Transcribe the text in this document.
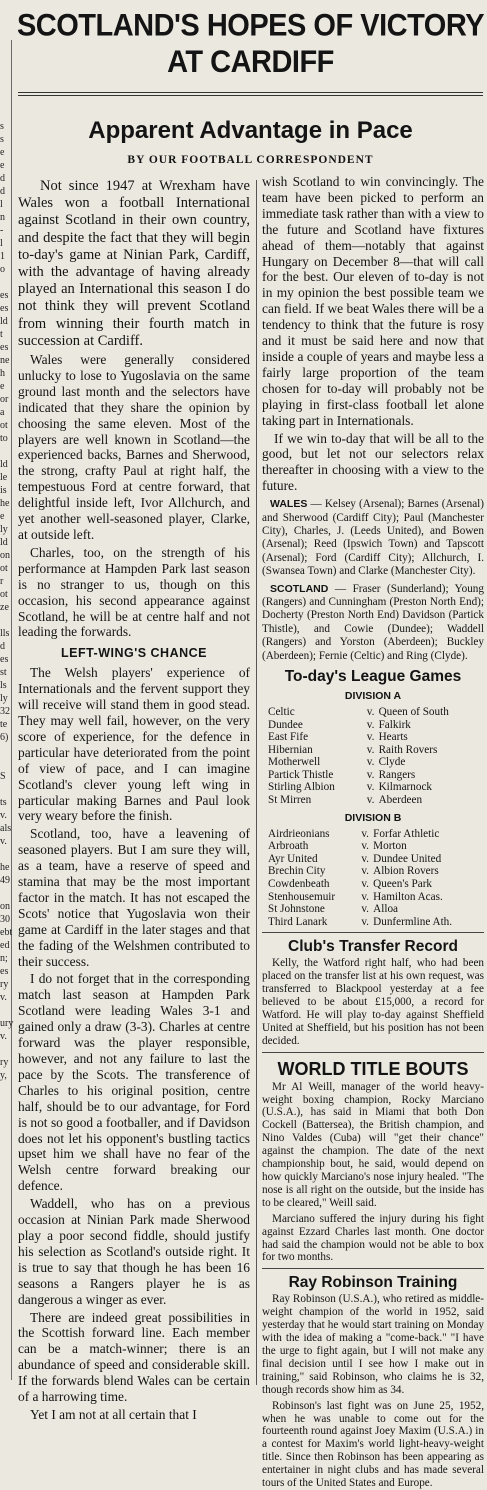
s
s
e
e
d
d
l
n
-
l
1
o

es
es
ld
t
es
ne
h
e
or
a
ot
to

ld
le
is
he
e
ly
ld
on
ot
r
ot
ze

lls
d
es
st
ls
ly
32
te
6)

S

ts
v.
als
v.

he
49

on
30
ebt
ed
n;
es
ry
v.

ury
v.

ry
y,
SCOTLAND'S HOPES OF VICTORY
AT CARDIFF
Apparent Advantage in Pace
BY OUR FOOTBALL CORRESPONDENT

Not since 1947 at Wrexham have Wales won a football International against Scotland in their own country, and despite the fact that they will begin to-day's game at Ninian Park, Cardiff, with the advantage of having already played an International this season I do not think they will prevent Scotland from winning their fourth match in succession at Cardiff.

Wales were generally considered unlucky to lose to Yugoslavia on the same ground last month and the selectors have indicated that they share the opinion by choosing the same eleven. Most of the players are well known in Scotland—the experienced backs, Barnes and Sherwood, the strong, crafty Paul at right half, the tempestuous Ford at centre forward, that delightful inside left, Ivor Allchurch, and yet another well-seasoned player, Clarke, at outside left.

Charles, too, on the strength of his performance at Hampden Park last season is no stranger to us, though on this occasion, his second appearance against Scotland, he will be at centre half and not leading the forwards.

LEFT-WING'S CHANCE

The Welsh players' experience of Internationals and the fervent support they will receive will stand them in good stead. They may well fail, however, on the very score of experience, for the defence in particular have deteriorated from the point of view of pace, and I can imagine Scotland's clever young left wing in particular making Barnes and Paul look very weary before the finish.

Scotland, too, have a leavening of seasoned players. But I am sure they will, as a team, have a reserve of speed and stamina that may be the most important factor in the match. It has not escaped the Scots' notice that Yugoslavia won their game at Cardiff in the later stages and that the fading of the Welshmen contributed to their success.

I do not forget that in the corresponding match last season at Hampden Park Scotland were leading Wales 3-1 and gained only a draw (3-3). Charles at centre forward was the player responsible, however, and not any failure to last the pace by the Scots. The transference of Charles to his original position, centre half, should be to our advantage, for Ford is not so good a footballer, and if Davidson does not let his opponent's bustling tactics upset him we shall have no fear of the Welsh centre forward breaking our defence.

Waddell, who has on a previous occasion at Ninian Park made Sherwood play a poor second fiddle, should justify his selection as Scotland's outside right. It is true to say that though he has been 16 seasons a Rangers player he is as dangerous a winger as ever.

There are indeed great possibilities in the Scottish forward line. Each member can be a match-winner; there is an abundance of speed and considerable skill. If the forwards blend Wales can be certain of a harrowing time.

Yet I am not at all certain that I

wish Scotland to win convincingly. The team have been picked to perform an immediate task rather than with a view to the future and Scotland have fixtures ahead of them—notably that against Hungary on December 8—that will call for the best. Our eleven of to-day is not in my opinion the best possible team we can field. If we beat Wales there will be a tendency to think that the future is rosy and it must be said here and now that inside a couple of years and maybe less a fairly large proportion of the team chosen for to-day will probably not be playing in first-class football let alone taking part in Internationals.

If we win to-day that will be all to the good, but let not our selectors relax thereafter in choosing with a view to the future.

WALES — Kelsey (Arsenal); Barnes (Arsenal) and Sherwood (Cardiff City); Paul (Manchester City), Charles, J. (Leeds United), and Bowen (Arsenal); Reed (Ipswich Town) and Tapscott (Arsenal); Ford (Cardiff City); Allchurch, I. (Swansea Town) and Clarke (Manchester City).
SCOTLAND — Fraser (Sunderland); Young (Rangers) and Cunningham (Preston North End); Docherty (Preston North End) Davidson (Partick Thistle), and Cowie (Dundee); Waddell (Rangers) and Yorston (Aberdeen); Buckley (Aberdeen); Fernie (Celtic) and Ring (Clyde).
To-day's League Games
DIVISION A
Celtic	v.	Queen of South
Dundee	v.	Falkirk
East Fife	v.	Hearts
Hibernian	v.	Raith Rovers
Motherwell	v.	Clyde
Partick Thistle	v.	Rangers
Stirling Albion	v.	Kilmarnock
St Mirren	v.	Aberdeen
DIVISION B
Airdrieonians	v.	Forfar Athletic
Arbroath	v.	Morton
Ayr United	v.	Dundee United
Brechin City	v.	Albion Rovers
Cowdenbeath	v.	Queen's Park
Stenhousemuir	v.	Hamilton Acas.
St Johnstone	v.	Alloa
Third Lanark	v.	Dunfermline Ath.
Club's Transfer Record

Kelly, the Watford right half, who had been placed on the transfer list at his own request, was transferred to Blackpool yesterday at a fee believed to be about £15,000, a record for Watford. He will play to-day against Sheffield United at Sheffield, but his position has not been decided.

WORLD TITLE BOUTS

Mr Al Weill, manager of the world heavy-weight boxing champion, Rocky Marciano (U.S.A.), has said in Miami that both Don Cockell (Battersea), the British champion, and Nino Valdes (Cuba) will "get their chance" against the champion. The date of the next championship bout, he said, would depend on how quickly Marciano's nose injury healed. "The nose is all right on the outside, but the inside has to be cleared," Weill said.

Marciano suffered the injury during his fight against Ezzard Charles last month. One doctor had said the champion would not be able to box for two months.

Ray Robinson Training

Ray Robinson (U.S.A.), who retired as middle-weight champion of the world in 1952, said yesterday that he would start training on Monday with the idea of making a "come-back." "I have the urge to fight again, but I will not make any final decision until I see how I make out in training," said Robinson, who claims he is 32, though records show him as 34.

Robinson's last fight was on June 25, 1952, when he was unable to come out for the fourteenth round against Joey Maxim (U.S.A.) in a contest for Maxim's world light-heavy-weight title. Since then Robinson has been appearing as entertainer in night clubs and has made several tours of the United States and Europe.
